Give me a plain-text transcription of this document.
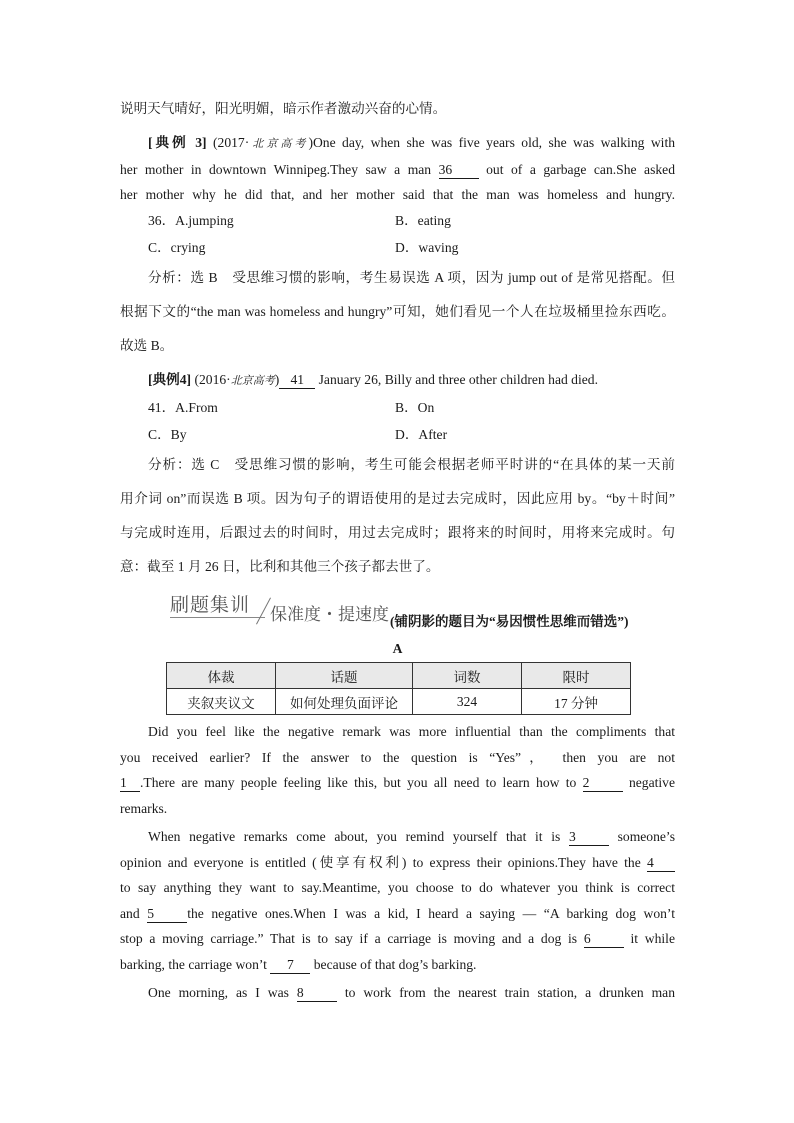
说明天气晴好，阳光明媚，暗示作者激动兴奋的心情。
[典例 3] (2017·北京高考)One day, when she was five years old, she was walking with
her mother in downtown Winnipeg.They saw a man 36 out of a garbage can.She asked
her mother why he did that, and her mother said that the man was homeless and hungry.
36．A.jumping	B．eating
C．crying	D．waving
分析：选 B　受思维习惯的影响，考生易误选 A 项，因为 jump out of 是常见搭配。但
根据下文的“the man was homeless and hungry”可知，她们看见一个人在垃圾桶里捡东西吃。
故选 B。
[典例4] (2016·北京高考) 41 January 26, Billy and three other children had died.
41．A.From	B．On
C．By	D．After
分析：选 C　受思维习惯的影响，考生可能会根据老师平时讲的“在具体的某一天前
用介词 on”而误选 B 项。因为句子的谓语使用的是过去完成时，因此应用 by。“by＋时间”
与完成时连用，后跟过去的时间时，用过去完成时；跟将来的时间时，用将来完成时。句
意：截至 1 月 26 日，比利和其他三个孩子都去世了。
刷题集训 保准度・提速度 (铺阴影的题目为“易因惯性思维而错选”)
A
体裁	话题	词数	限时
夹叙夹议文	如何处理负面评论	324	17 分钟
Did you feel like the negative remark was more influential than the compliments that
you received earlier? If the answer to the question is “Yes”， then you are not
1 .There are many people feeling like this, but you all need to learn how to 2 negative
remarks.
When negative remarks come about, you remind yourself that it is 3 someone’s
opinion and everyone is entitled (使享有权利) to express their opinions.They have the 4
to say anything they want to say.Meantime, you choose to do whatever you think is correct
and 5 the negative ones.When I was a kid, I heard a saying — “A barking dog won’t
stop a moving carriage.” That is to say if a carriage is moving and a dog is 6 it while
barking, the carriage won’t 7 because of that dog’s barking.
One morning, as I was 8 to work from the nearest train station, a drunken man
